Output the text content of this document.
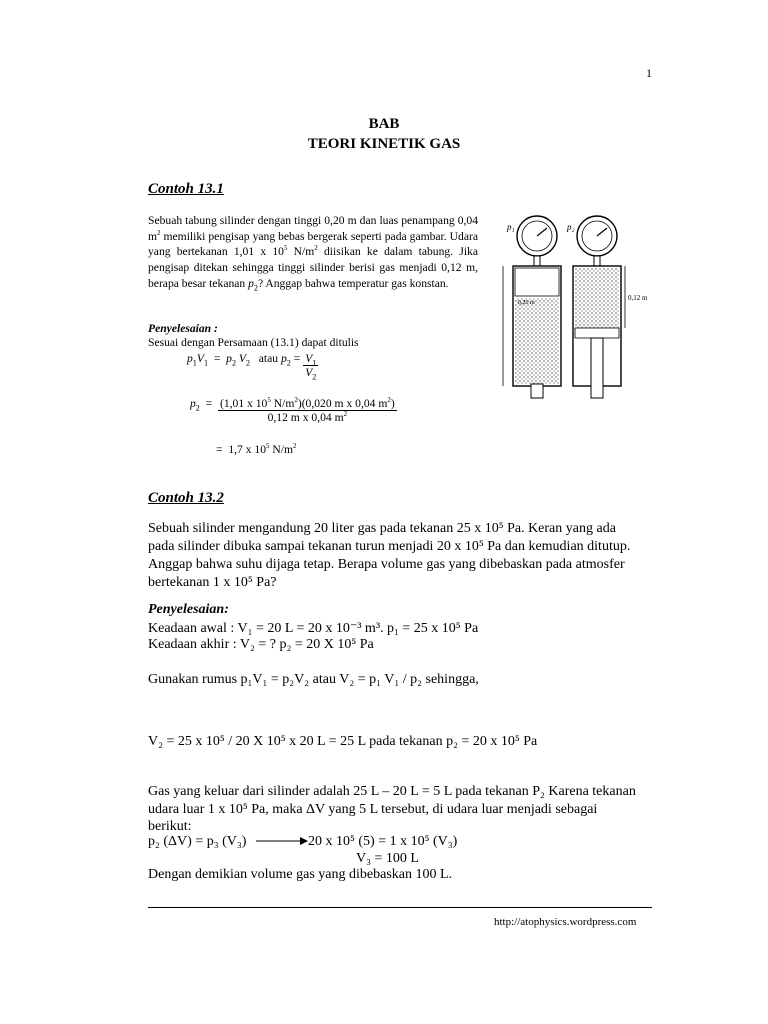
1
BAB
TEORI KINETIK GAS
Contoh 13.1
Sebuah tabung silinder dengan tinggi 0,20 m dan luas penampang 0,04 $m^2$ memiliki pengisap yang bebas bergerak seperti pada gambar. Udara yang bertekanan 1,01 x $10^5$ $N/m^2$ diisikan ke dalam tabung. Jika pengisap ditekan sehingga tinggi silinder berisi gas menjadi 0,12 m, berapa besar tekanan $p_2$? Anggap bahwa temperatur gas konstan.
Penyelesaian :
Sesuai dengan Persamaan (13.1) dapat ditulis
$p_1V_1 = p_2$ $V_2$   atau $p_2 = \frac{V_1}{V_2}$
$p_2 = \frac{(1,01 x 10^5 N/m^2)(0,020 m x 0,04 m^2)}{0,12 m x 0,04 m^2}$
=  1,7 x $10^5$ $N/m^2$
p₁
0,20 m
p₂
0,12 m
Contoh 13.2
Sebuah silinder mengandung 20 liter gas pada tekanan 25 x 10⁵ Pa. Keran yang ada
pada silinder dibuka sampai tekanan turun menjadi 20 x 10⁵ Pa dan kemudian ditutup.
Anggap bahwa suhu dijaga tetap. Berapa volume gas yang dibebaskan pada atmosfer
bertekanan 1 x 10⁵ Pa?
Penyelesaian:
Keadaan awal : V₁ = 20 L = 20 x 10⁻³ m³. p₁ = 25 x 10⁵ Pa
Keadaan akhir : V₂ = ? p₂ = 20 X 10⁵ Pa
Gunakan rumus p₁V₁ = p₂V₂ atau V₂ = p₁ V₁ / p₂ sehingga,
V₂ = 25 x 10⁵ / 20 X 10⁵ x 20 L = 25 L pada tekanan p₂ = 20 x 10⁵ Pa
Gas yang keluar dari silinder adalah 25 L – 20 L = 5 L pada tekanan P₂ Karena tekanan
udara luar 1 x 10⁵ Pa, maka ΔV yang 5 L tersebut, di udara luar menjadi sebagai
berikut:
p₂ (ΔV) = p₃ (V₃)	20 x 10⁵ (5) = 1 x 10⁵ (V₃)
V₃ = 100 L
Dengan demikian volume gas yang dibebaskan 100 L.
http://atophysics.wordpress.com
